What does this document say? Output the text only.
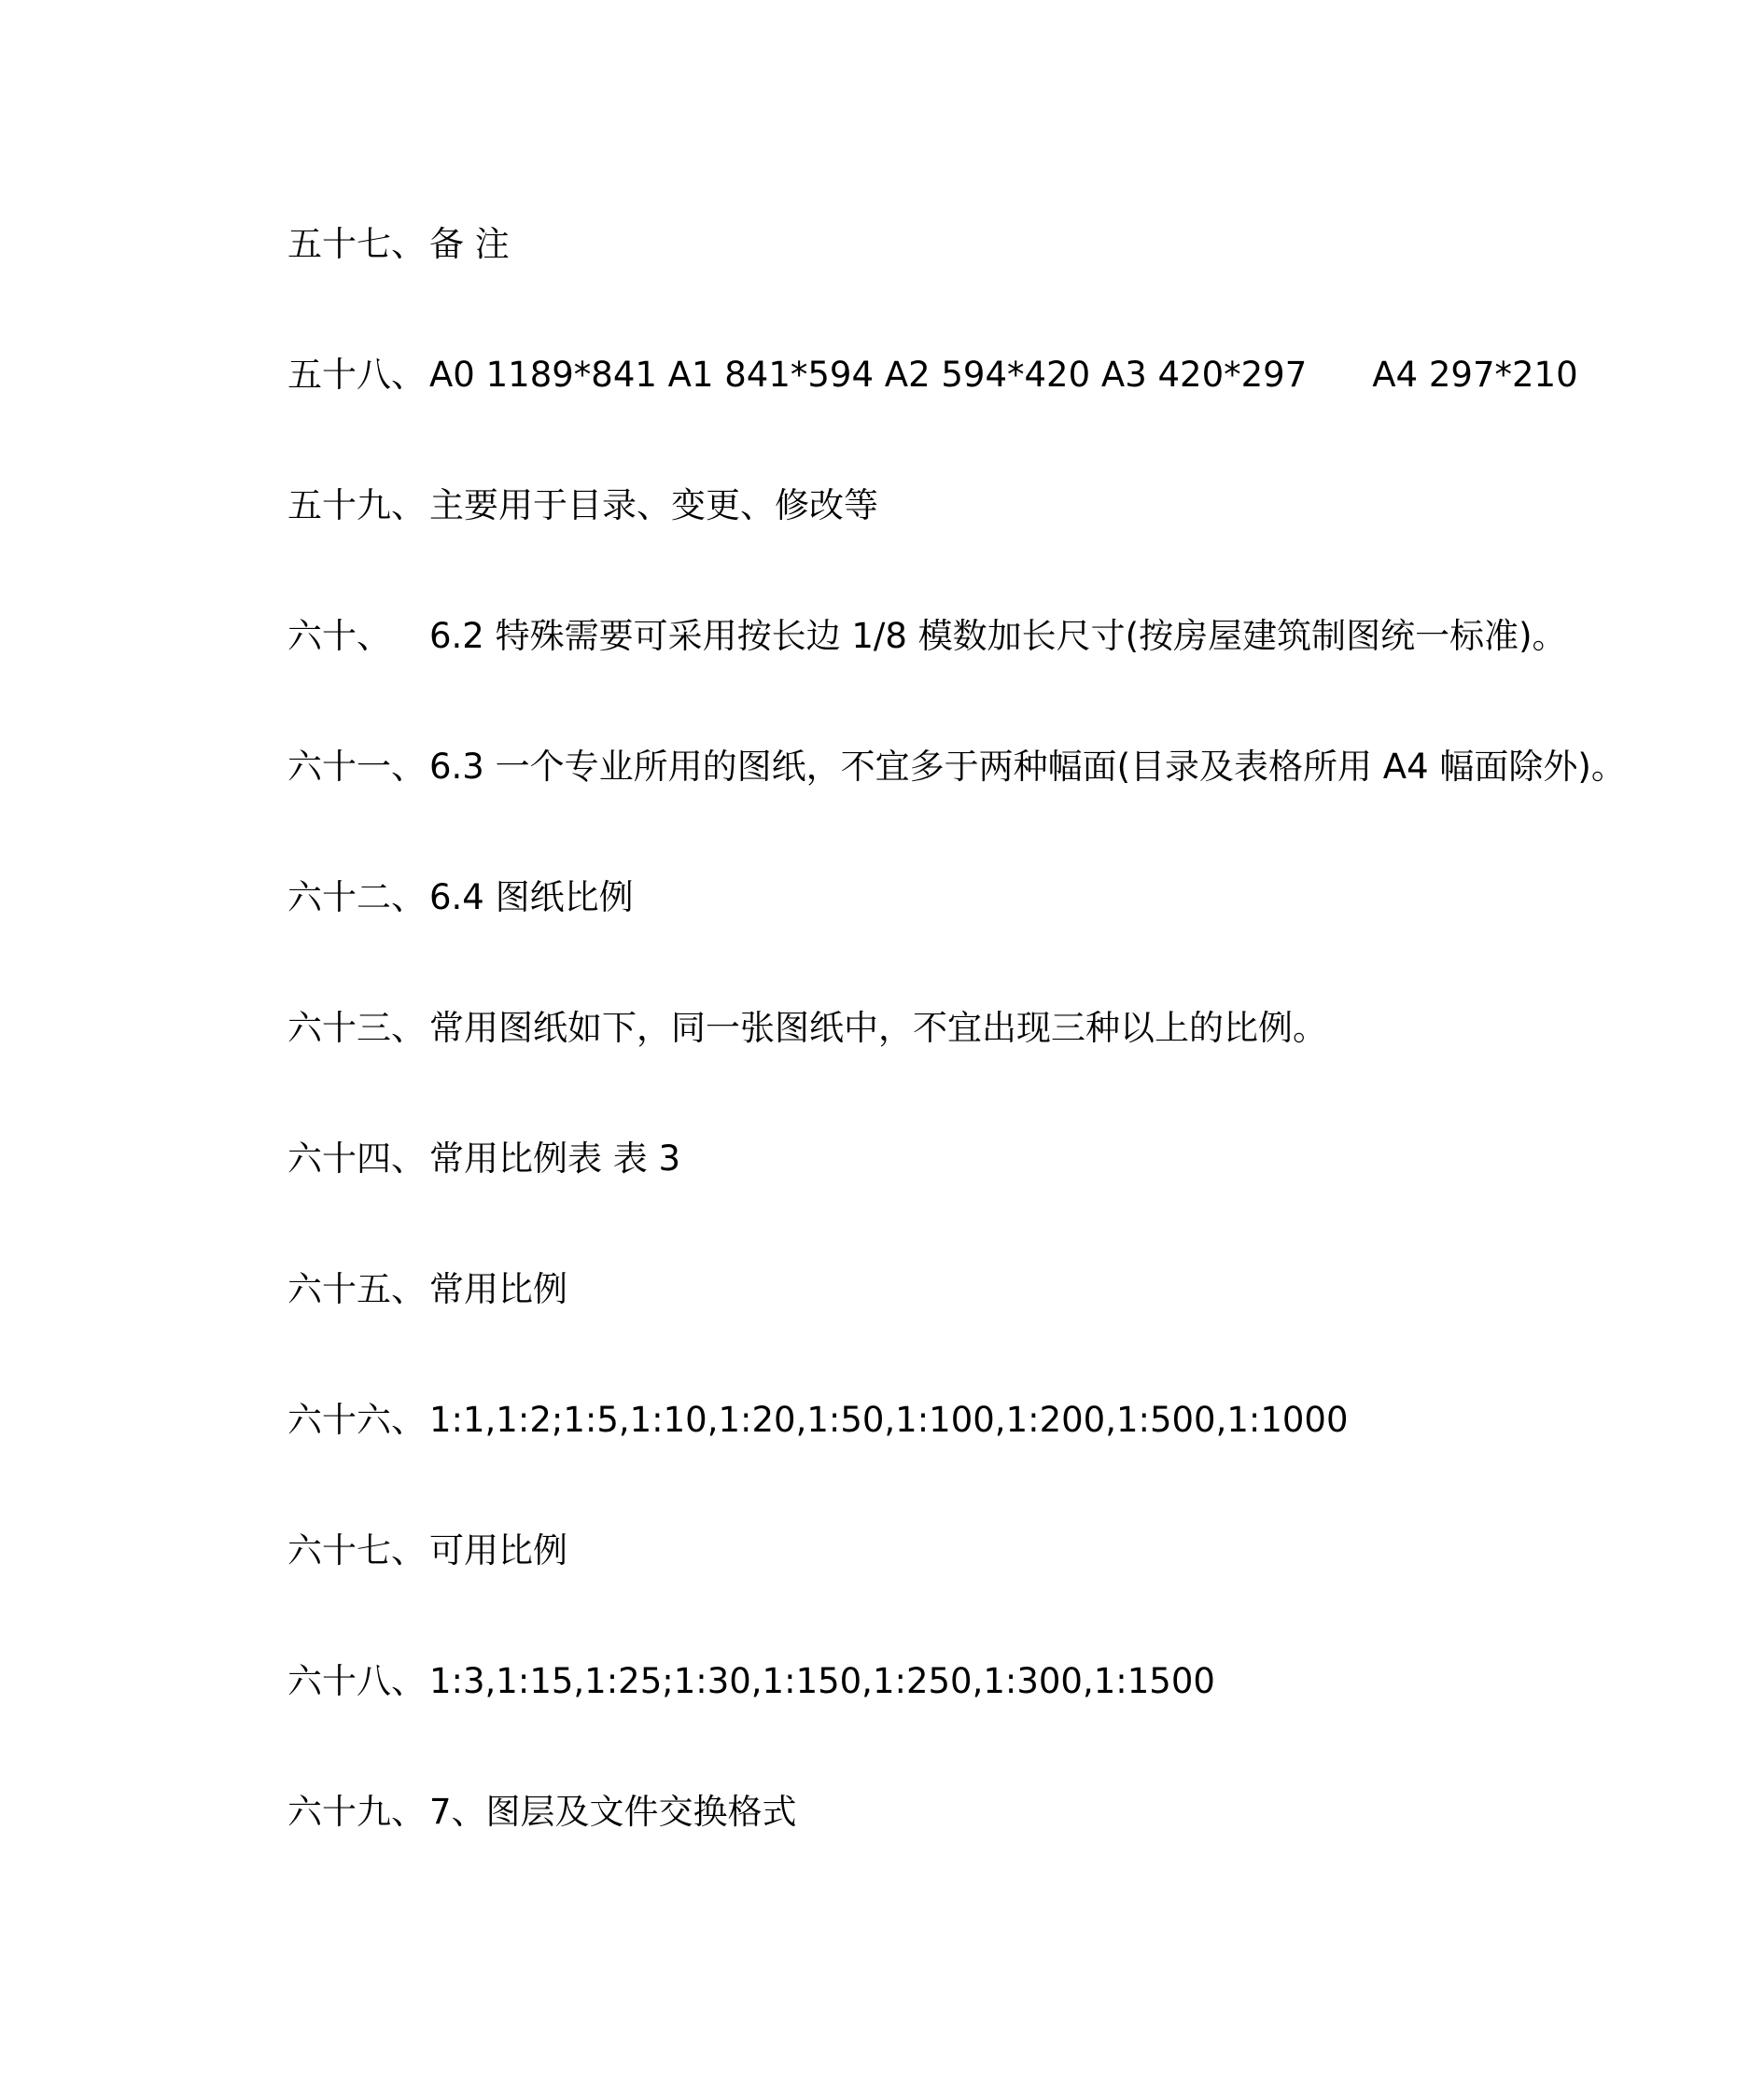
五十七、 备 注
五十八、 A0 1189*841 A1 841*594 A2 594*420 A3 420*297 A4 297*210
五十九、 主要用于目录、变更、修改等
六十、	6.2 特殊需要可采用按长边 1/8 模数加长尺寸(按房屋建筑制图统一标准)。
六十一、 6.3 一个专业所用的图纸，不宜多于两种幅面(目录及表格所用 A4 幅面除外)。
六十二、 6.4 图纸比例
六十三、 常用图纸如下，同一张图纸中，不宜出现三种以上的比例。
六十四、 常用比例表 表 3
六十五、 常用比例
六十六、 1:1,1:2;1:5,1:10,1:20,1:50,1:100,1:200,1:500,1:1000
六十七、 可用比例
六十八、 1:3,1:15,1:25;1:30,1:150,1:250,1:300,1:1500
六十九、 7、图层及文件交换格式
